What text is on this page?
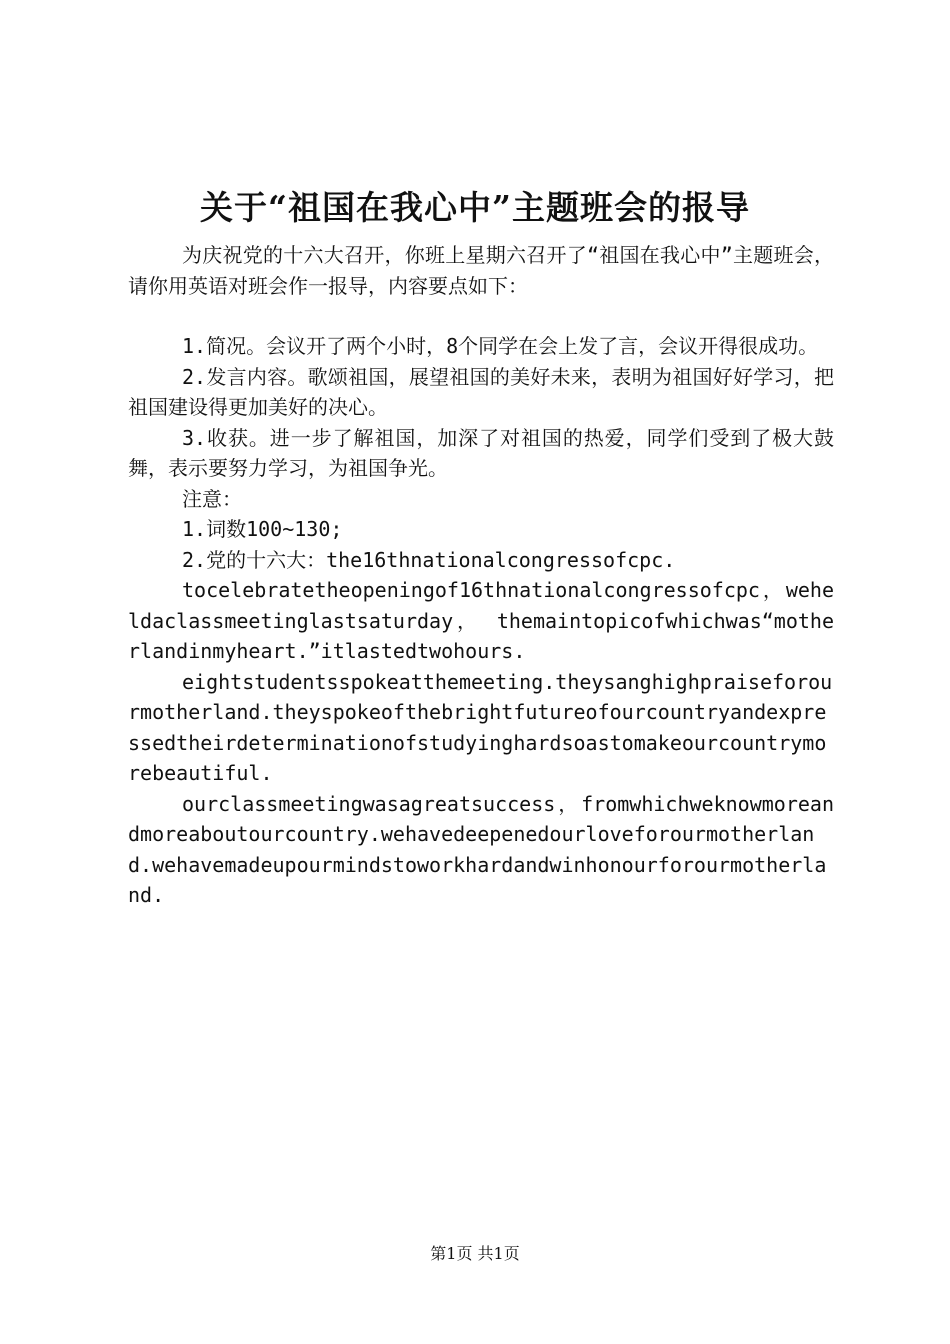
关于“祖国在我心中”主题班会的报导

为庆祝党的十六大召开，你班上星期六召开了“祖国在我心中”主题班会，请你用英语对班会作一报导，内容要点如下：

1.简况。会议开了两个小时，8个同学在会上发了言，会议开得很成功。

2.发言内容。歌颂祖国，展望祖国的美好未来，表明为祖国好好学习，把祖国建设得更加美好的决心。

3.收获。进一步了解祖国，加深了对祖国的热爱，同学们受到了极大鼓舞，表示要努力学习，为祖国争光。

注意：

1.词数100~130;

2.党的十六大：the16thnationalcongressofcpc.

tocelebratetheopeningof16thnationalcongressofcpc，weheldaclassmeetinglastsaturday， themaintopicofwhichwas“motherlandinmyheart.”itlastedtwohours.

eightstudentsspokeatthemeeting.theysanghighpraiseforourmotherland.theyspokeofthebrightfutureofourcountryandexpressedtheirdeterminationofstudyinghardsoastomakeourcountrymorebeautiful.

ourclassmeetingwasagreatsuccess，fromwhichweknowmoreandmoreaboutourcountry.wehavedeepenedourloveforourmotherland.wehavemadeupourmindstoworkhardandwinhonourforourmotherland.

第1页 共1页
